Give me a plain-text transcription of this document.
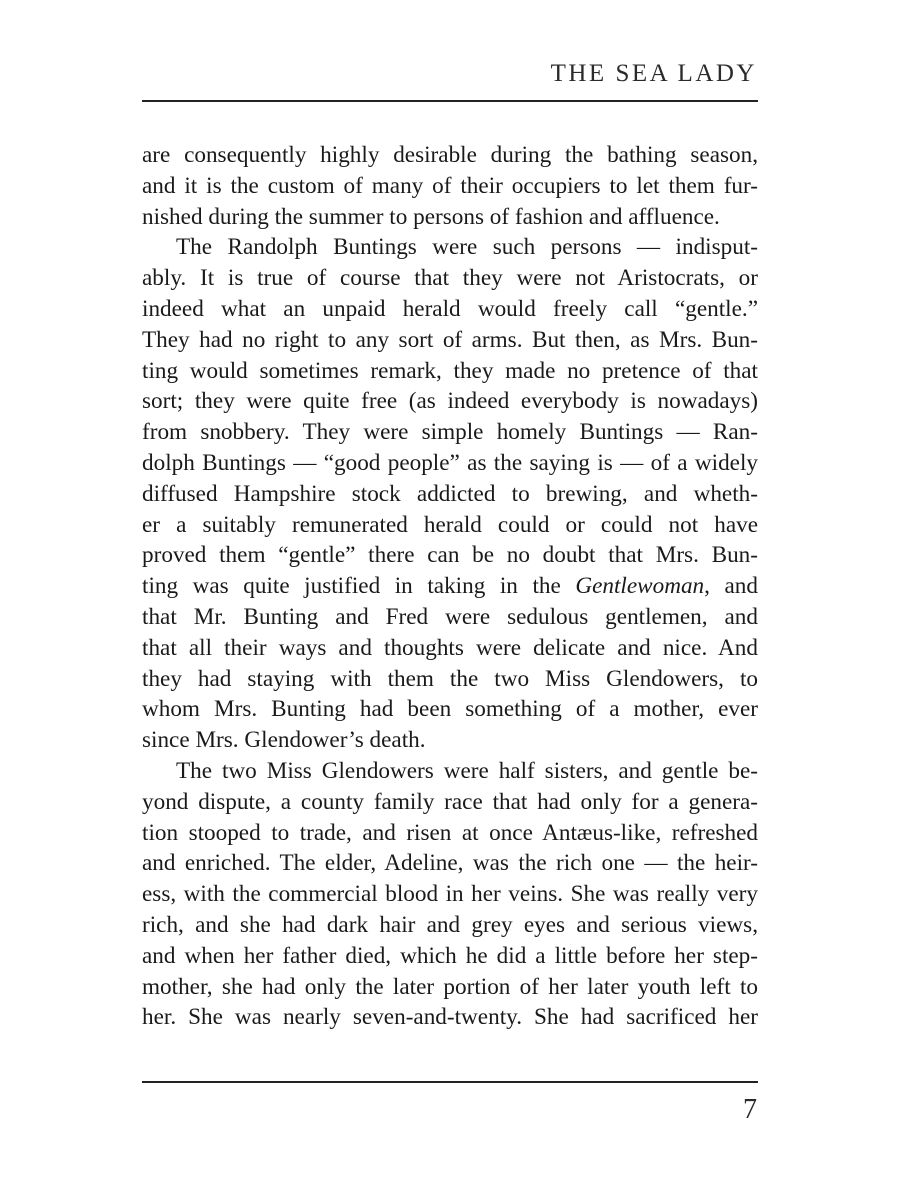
THE SEA LADY
are consequently highly desirable during the bathing season,
and it is the custom of many of their occupiers to let them fur-
nished during the summer to persons of fashion and affluence.
The Randolph Buntings were such persons — indisput-
ably. It is true of course that they were not Aristocrats, or
indeed what an unpaid herald would freely call “gentle.”
They had no right to any sort of arms. But then, as Mrs. Bun-
ting would sometimes remark, they made no pretence of that
sort; they were quite free (as indeed everybody is nowadays)
from snobbery. They were simple homely Buntings — Ran-
dolph Buntings — “good people” as the saying is — of a widely
diffused Hampshire stock addicted to brewing, and wheth-
er a suitably remunerated herald could or could not have
proved them “gentle” there can be no doubt that Mrs. Bun-
ting was quite justified in taking in the Gentlewoman, and
that Mr. Bunting and Fred were sedulous gentlemen, and
that all their ways and thoughts were delicate and nice. And
they had staying with them the two Miss Glendowers, to
whom Mrs. Bunting had been something of a mother, ever
since Mrs. Glendower’s death.
The two Miss Glendowers were half sisters, and gentle be-
yond dispute, a county family race that had only for a genera-
tion stooped to trade, and risen at once Antæus-like, refreshed
and enriched. The elder, Adeline, was the rich one — the heir-
ess, with the commercial blood in her veins. She was really very
rich, and she had dark hair and grey eyes and serious views,
and when her father died, which he did a little before her step-
mother, she had only the later portion of her later youth left to
her. She was nearly seven-and-twenty. She had sacrificed her
7
